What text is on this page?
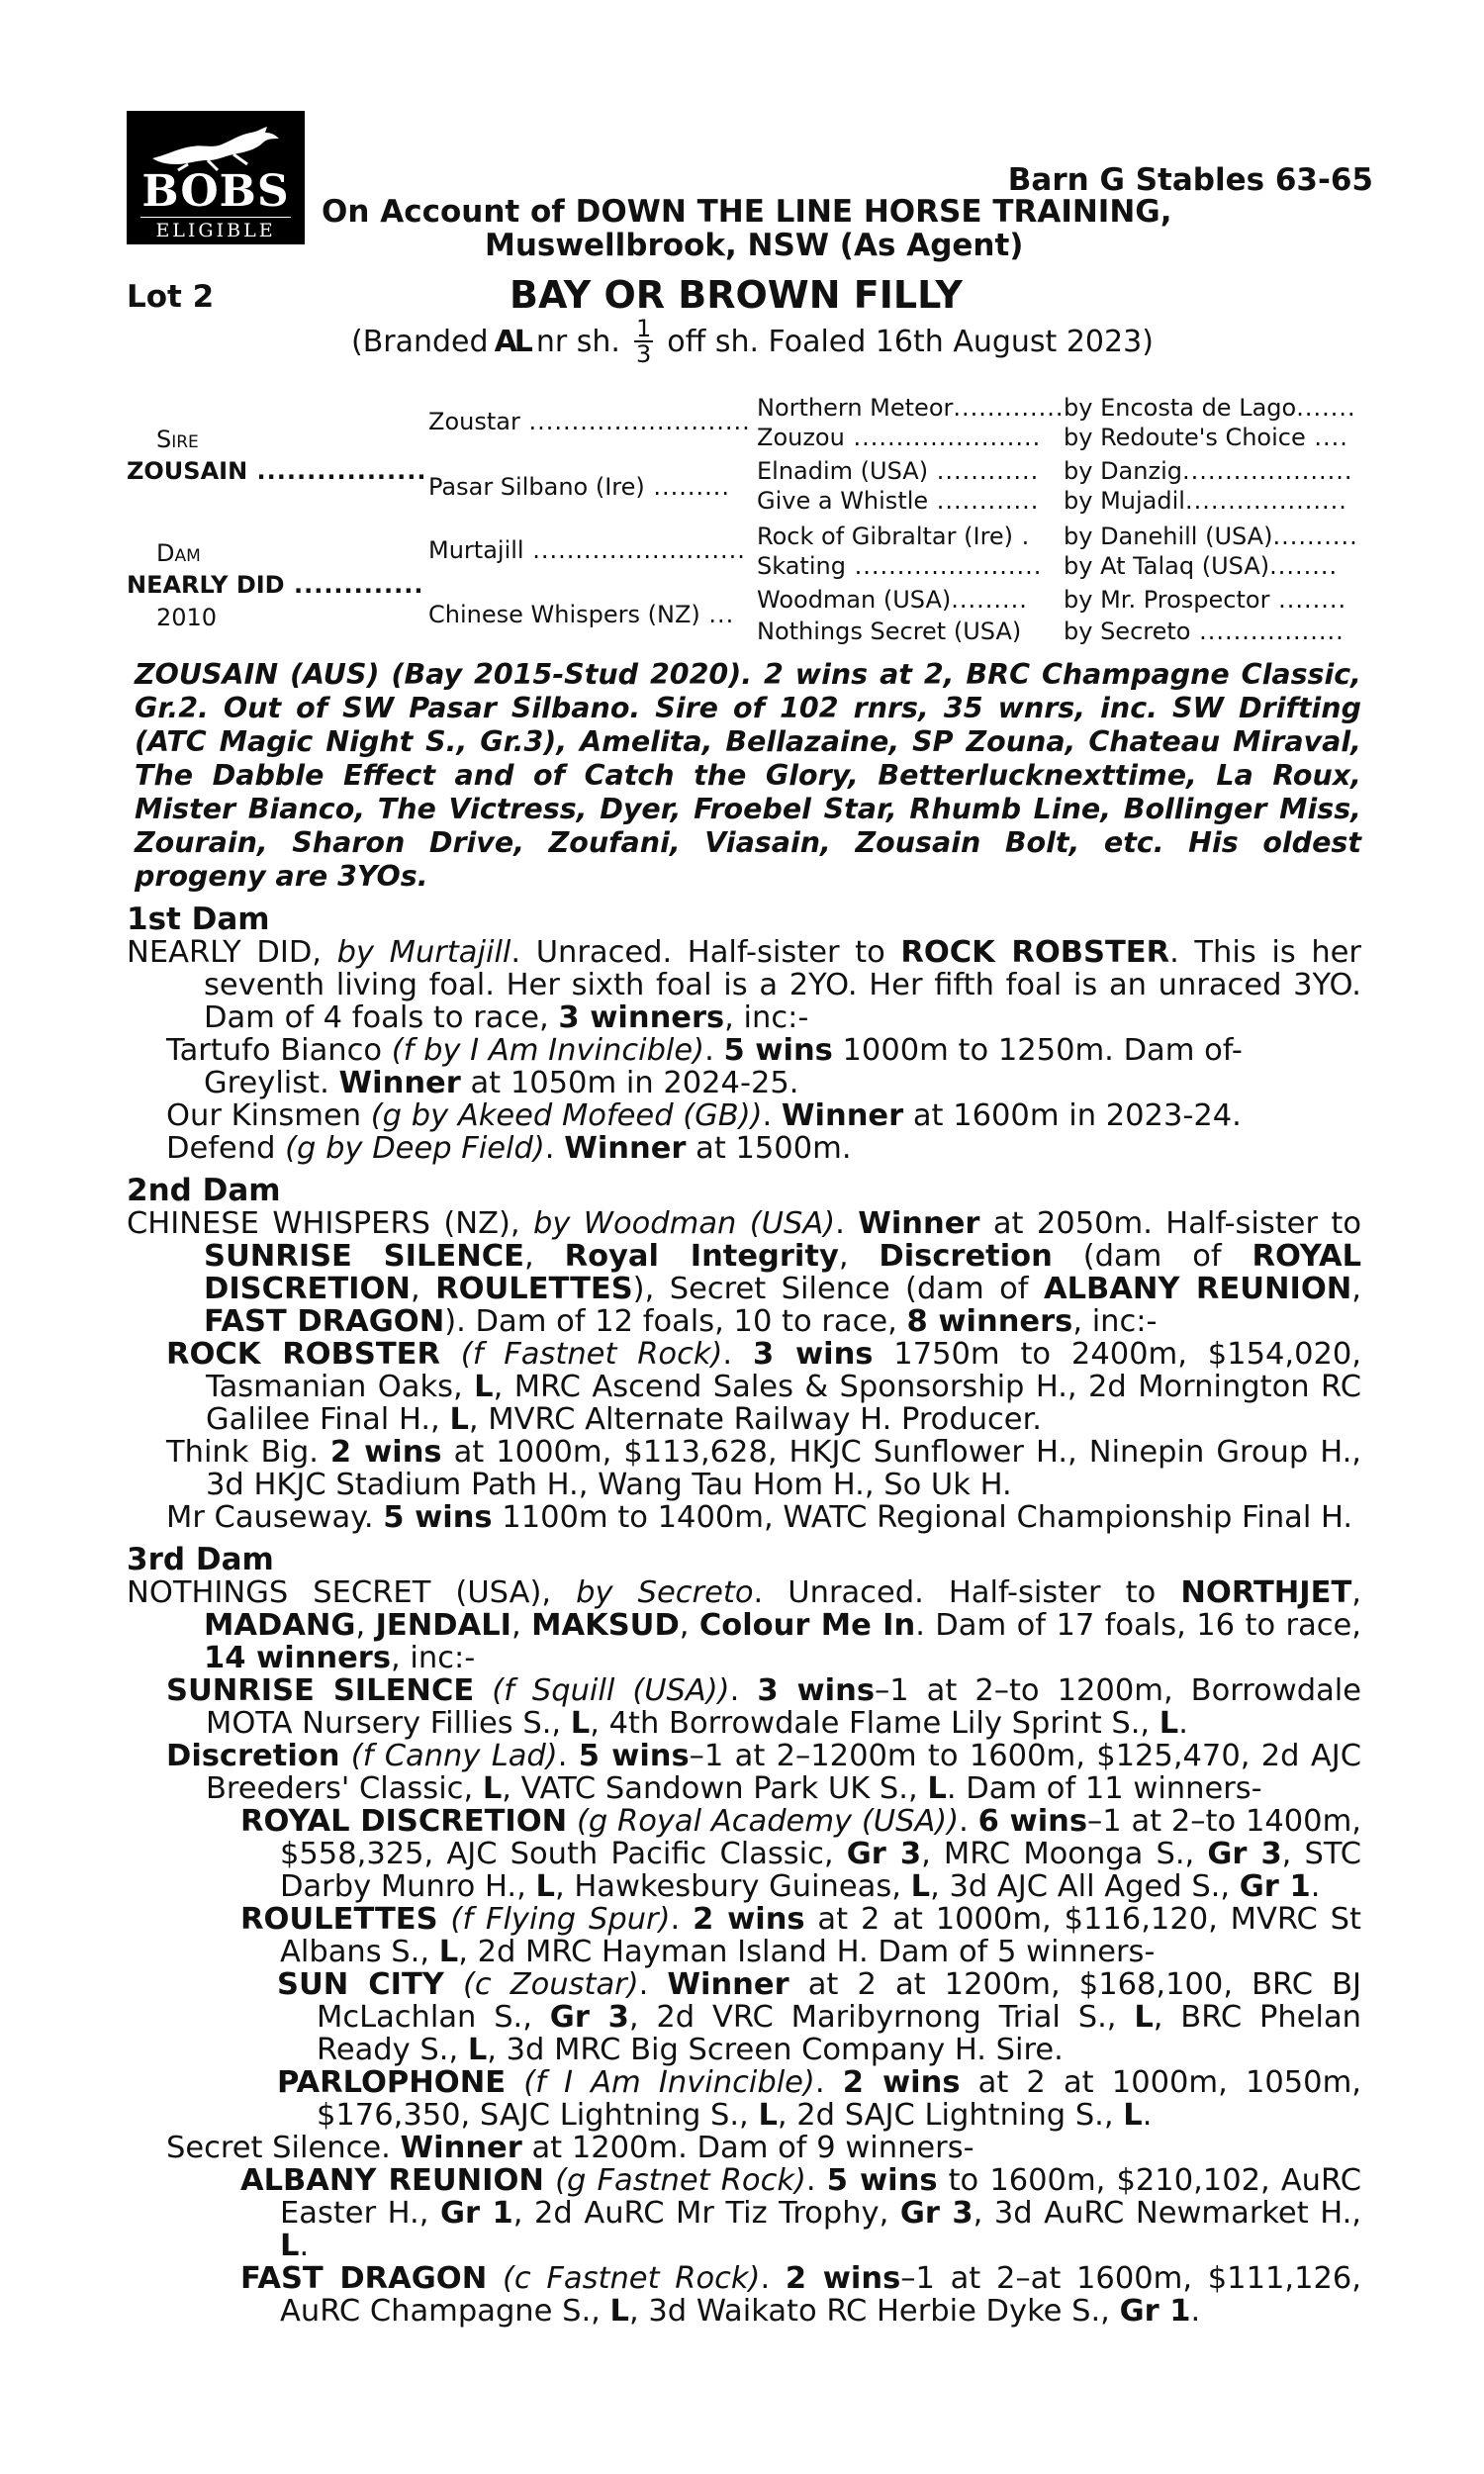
BOBS
ELIGIBLE
Barn G Stables 63-65
On Account of DOWN THE LINE HORSE TRAINING,
Muswellbrook, NSW (As Agent)
Lot 2	BAY OR BROWN FILLY
(Branded AL nr sh. $\frac{1}{3}$ off sh. Foaled 16th August 2023)
Sire
ZOUSAIN .................
Dam
NEARLY DID .............
2010
Zoustar ..........................
Pasar Silbano (Ire) .........
Murtajill .........................
Chinese Whispers (NZ) ...
Northern Meteor............. by Encosta de Lago.......
Zouzou ...................... by Redoute's Choice ....
Elnadim (USA) ............ by Danzig....................
Give a Whistle ............ by Mujadil...................
Rock of Gibraltar (Ire) . by Danehill (USA)..........
Skating ...................... by At Talaq (USA)........
Woodman (USA)......... by Mr. Prospector ........
Nothings Secret (USA) by Secreto .................

ZOUSAIN (AUS) (Bay 2015-Stud 2020). 2 wins at 2, BRC Champagne Classic, Gr.2. Out of SW Pasar Silbano. Sire of 102 rnrs, 35 wnrs, inc. SW Drifting (ATC Magic Night S., Gr.3), Amelita, Bellazaine, SP Zouna, Chateau Miraval, The Dabble Effect and of Catch the Glory, Betterlucknexttime, La Roux, Mister Bianco, The Victress, Dyer, Froebel Star, Rhumb Line, Bollinger Miss, Zourain, Sharon Drive, Zoufani, Viasain, Zousain Bolt, etc. His oldest progeny are 3YOs.

1st Dam

NEARLY DID, by Murtajill. Unraced. Half-sister to ROCK ROBSTER. This is her seventh living foal. Her sixth foal is a 2YO. Her fifth foal is an unraced 3YO. Dam of 4 foals to race, 3 winners, inc:-

Tartufo Bianco (f by I Am Invincible). 5 wins 1000m to 1250m. Dam of-

Greylist. Winner at 1050m in 2024-25.

Our Kinsmen (g by Akeed Mofeed (GB)). Winner at 1600m in 2023-24.

Defend (g by Deep Field). Winner at 1500m.

2nd Dam

CHINESE WHISPERS (NZ), by Woodman (USA). Winner at 2050m. Half-sister to SUNRISE SILENCE, Royal Integrity, Discretion (dam of ROYAL DISCRETION, ROULETTES), Secret Silence (dam of ALBANY REUNION, FAST DRAGON). Dam of 12 foals, 10 to race, 8 winners, inc:-

ROCK ROBSTER (f Fastnet Rock). 3 wins 1750m to 2400m, $154,020, Tasmanian Oaks, L, MRC Ascend Sales & Sponsorship H., 2d Mornington RC Galilee Final H., L, MVRC Alternate Railway H. Producer.

Think Big. 2 wins at 1000m, $113,628, HKJC Sunflower H., Ninepin Group H., 3d HKJC Stadium Path H., Wang Tau Hom H., So Uk H.

Mr Causeway. 5 wins 1100m to 1400m, WATC Regional Championship Final H.

3rd Dam

NOTHINGS SECRET (USA), by Secreto. Unraced. Half-sister to NORTHJET, MADANG, JENDALI, MAKSUD, Colour Me In. Dam of 17 foals, 16 to race, 14 winners, inc:-

SUNRISE SILENCE (f Squill (USA)). 3 wins–1 at 2–to 1200m, Borrowdale MOTA Nursery Fillies S., L, 4th Borrowdale Flame Lily Sprint S., L.

Discretion (f Canny Lad). 5 wins–1 at 2–1200m to 1600m, $125,470, 2d AJC Breeders' Classic, L, VATC Sandown Park UK S., L. Dam of 11 winners-

ROYAL DISCRETION (g Royal Academy (USA)). 6 wins–1 at 2–to 1400m, $558,325, AJC South Pacific Classic, Gr 3, MRC Moonga S., Gr 3, STC Darby Munro H., L, Hawkesbury Guineas, L, 3d AJC All Aged S., Gr 1.

ROULETTES (f Flying Spur). 2 wins at 2 at 1000m, $116,120, MVRC St Albans S., L, 2d MRC Hayman Island H. Dam of 5 winners-

SUN CITY (c Zoustar). Winner at 2 at 1200m, $168,100, BRC BJ McLachlan S., Gr 3, 2d VRC Maribyrnong Trial S., L, BRC Phelan Ready S., L, 3d MRC Big Screen Company H. Sire.

PARLOPHONE (f I Am Invincible). 2 wins at 2 at 1000m, 1050m, $176,350, SAJC Lightning S., L, 2d SAJC Lightning S., L.

Secret Silence. Winner at 1200m. Dam of 9 winners-

ALBANY REUNION (g Fastnet Rock). 5 wins to 1600m, $210,102, AuRC Easter H., Gr 1, 2d AuRC Mr Tiz Trophy, Gr 3, 3d AuRC Newmarket H., L.

FAST DRAGON (c Fastnet Rock). 2 wins–1 at 2–at 1600m, $111,126, AuRC Champagne S., L, 3d Waikato RC Herbie Dyke S., Gr 1.
